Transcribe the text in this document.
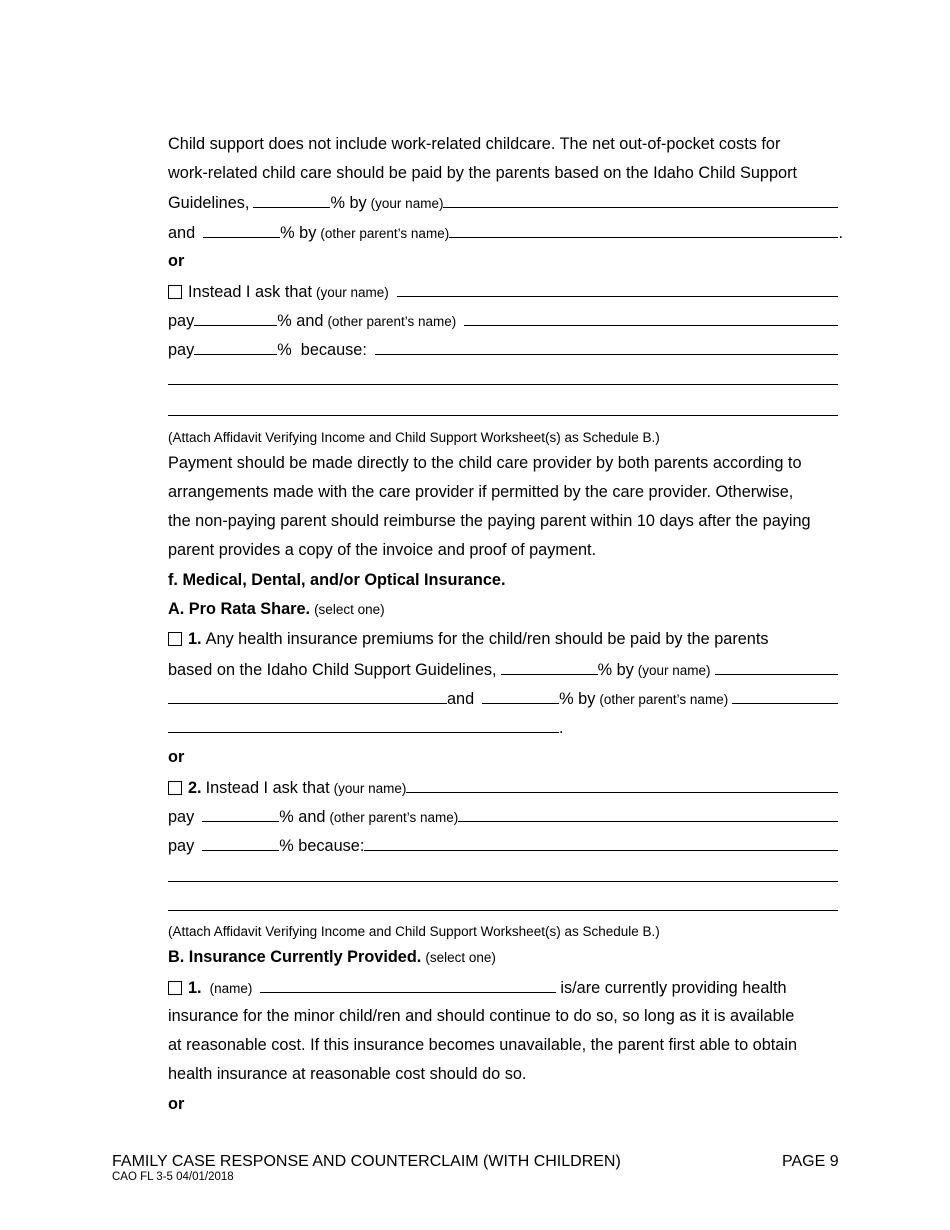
Child support does not include work-related childcare. The net out-of-pocket costs for
work-related child care should be paid by the parents based on the Idaho Child Support
Guidelines,	% by (your name)
and	% by (other parent’s name)	.
or
Instead I ask that (your name)
pay	% and (other parent’s name)
pay	%  because:
(Attach Affidavit Verifying Income and Child Support Worksheet(s) as Schedule B.)
Payment should be made directly to the child care provider by both parents according to
arrangements made with the care provider if permitted by the care provider. Otherwise,
the non-paying parent should reimburse the paying parent within 10 days after the paying
parent provides a copy of the invoice and proof of payment.
f. Medical, Dental, and/or Optical Insurance.
A. Pro Rata Share. (select one)
1. Any health insurance premiums for the child/ren should be paid by the parents
based on the Idaho Child Support Guidelines,	% by (your name)
and	% by (other parent’s name)
.
or
2. Instead I ask that (your name)
pay	% and (other parent’s name)
pay	% because:
(Attach Affidavit Verifying Income and Child Support Worksheet(s) as Schedule B.)
B. Insurance Currently Provided. (select one)
1. (name)	is/are currently providing health
insurance for the minor child/ren and should continue to do so, so long as it is available
at reasonable cost. If this insurance becomes unavailable, the parent first able to obtain
health insurance at reasonable cost should do so.
or
FAMILY CASE RESPONSE AND COUNTERCLAIM (WITH CHILDREN)
CAO FL 3-5 04/01/2018
PAGE 9
